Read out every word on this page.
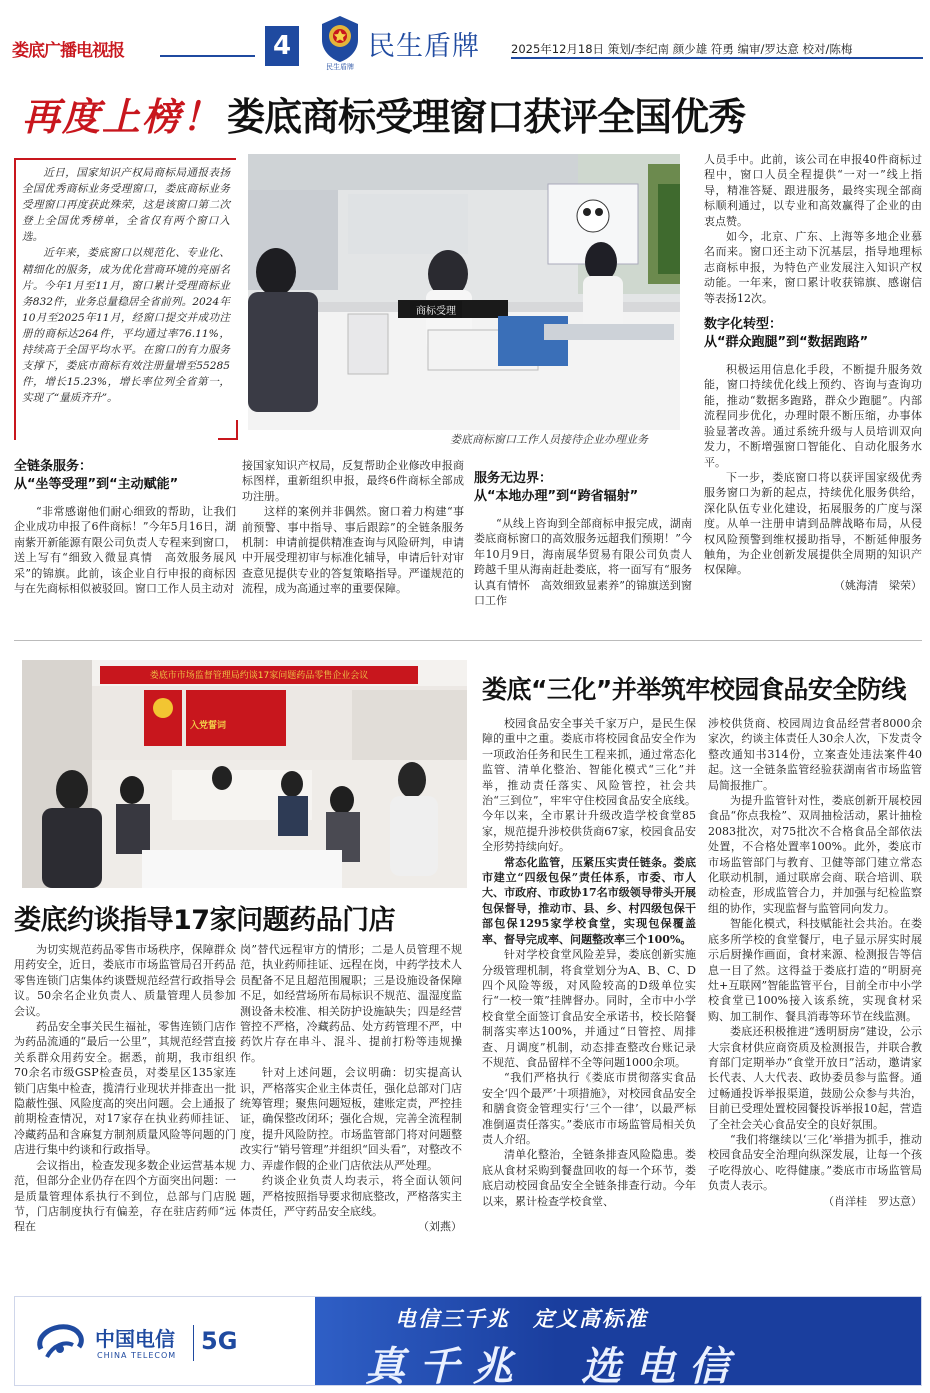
娄底广播电视报	4
民生盾牌
民生盾牌	2025年12月18日 策划/李纪南 颜少雄 符勇 编审/罗达意 校对/陈梅
再度上榜！ 娄底商标受理窗口获评全国优秀

近日，国家知识产权局商标局通报表扬全国优秀商标业务受理窗口，娄底商标业务受理窗口再度获此殊荣，这是该窗口第二次登上全国优秀榜单，全省仅有两个窗口入选。

近年来，娄底窗口以规范化、专业化、精细化的服务，成为优化营商环境的亮丽名片。今年1月至11月，窗口累计受理商标业务832件，业务总量稳居全省前列。2024年10月至2025年11月，经窗口提交并成功注册的商标达264件，平均通过率76.11%，持续高于全国平均水平。在窗口的有力服务支撑下，娄底市商标有效注册量增至55285件，增长15.23%，增长率位列全省第一，实现了“量质齐升”。

商标受理
娄底商标窗口工作人员接待企业办理业务
全链条服务：
从“坐等受理”到“主动赋能”

“非常感谢他们耐心细致的帮助，让我们企业成功申报了6件商标！”今年5月16日，湖南紫开新能源有限公司负责人专程来到窗口，送上写有“细致入微显真情　高效服务展风采”的锦旗。此前，该企业自行申报的商标因与在先商标相似被驳回。窗口工作人员主动对

接国家知识产权局，反复帮助企业修改申报商标图样，重新组织申报，最终6件商标全部成功注册。

这样的案例并非偶然。窗口着力构建“事前预警、事中指导、事后跟踪”的全链条服务机制：申请前提供精准查询与风险研判，申请中开展受理初审与标准化辅导，申请后针对审查意见提供专业的答复策略指导。严谨规范的流程，成为高通过率的重要保障。

服务无边界：
从“本地办理”到“跨省辐射”

“从线上咨询到全部商标申报完成，湖南娄底商标窗口的高效服务远超我们预期！”今年10月9日，海南展华贸易有限公司负责人跨越千里从海南赶赴娄底，将一面写有“服务认真有情怀　高效细致显素养”的锦旗送到窗口工作

人员手中。此前，该公司在申报40件商标过程中，窗口人员全程提供“一对一”线上指导，精准答疑、跟进服务，最终实现全部商标顺利通过，以专业和高效赢得了企业的由衷点赞。

如今，北京、广东、上海等多地企业慕名而来。窗口还主动下沉基层，指导地理标志商标申报，为特色产业发展注入知识产权动能。一年来，窗口累计收获锦旗、感谢信等表扬12次。

数字化转型：
从“群众跑腿”到“数据跑路”

积极运用信息化手段，不断提升服务效能，窗口持续优化线上预约、咨询与查询功能，推动“数据多跑路，群众少跑腿”。内部流程同步优化，办理时限不断压缩，办事体验显著改善。通过系统升级与人员培训双向发力，不断增强窗口智能化、自动化服务水平。

下一步，娄底窗口将以获评国家级优秀服务窗口为新的起点，持续优化服务供给，深化队伍专业化建设，拓展服务的广度与深度。从单一注册申请到品牌战略布局，从侵权风险预警到维权援助指导，不断延伸服务触角，为企业创新发展提供全周期的知识产权保障。

（姚海清　梁荣）

娄底市市场监督管理局约谈17家问题药品零售企业会议
入党誓词
娄底约谈指导17家问题药品门店

为切实规范药品零售市场秩序，保障群众用药安全，近日，娄底市市场监管局召开药品零售连锁门店集体约谈暨规范经营行政指导会议。50余名企业负责人、质量管理人员参加会议。

药品安全事关民生福祉，零售连锁门店作为药品流通的“最后一公里”，其规范经营直接关系群众用药安全。据悉，前期，我市组织70余名市级GSP检查员，对娄星区135家连锁门店集中检查，揽清行业现状并排查出一批隐蔽性强、风险度高的突出问题。会上通报了前期检查情况，对17家存在执业药师挂证、冷藏药品和含麻复方制剂质量风险等问题的门店进行集中约谈和行政指导。

会议指出，检查发现多数企业运营基本规范，但部分企业仍存在四个方面突出问题：一是质量管理体系执行不到位，总部与门店脱节，门店制度执行有偏差，存在驻店药师“远程在

岗”替代远程审方的情形；二是人员管理不规范，执业药师挂证、远程在岗，中药学技术人员配备不足且超范围履职；三是设施设备保障不足，如经营场所布局标识不规范、温湿度监测设备未校准、相关防护设施缺失；四是经营管控不严格，冷藏药品、处方药管理不严，中药饮片存在串斗、混斗、提前打粉等违规操作。

针对上述问题，会议明确：切实提高认识，严格落实企业主体责任，强化总部对门店统筹管理；聚焦问题短板，建账定责，严控挂证，确保整改闭环；强化合规，完善全流程制度，提升风险防控。市场监管部门将对问题整改实行“销号管理”并组织“回头看”，对整改不力、弄虚作假的企业门店依法从严处理。

约谈企业负责人均表示，将全面认领问题，严格按照指导要求彻底整改，严格落实主体责任，严守药品安全底线。

（刘燕）

娄底“三化”并举筑牢校园食品安全防线

校园食品安全事关千家万户，是民生保障的重中之重。娄底市将校园食品安全作为一项政治任务和民生工程来抓，通过常态化监管、清单化整治、智能化模式“三化”并举，推动责任落实、风险管控，社会共治“三到位”，牢牢守住校园食品安全底线。今年以来，全市累计升级改造学校食堂85家，规范提升涉校供货商67家，校园食品安全形势持续向好。

常态化监管，压紧压实责任链条。娄底市建立“四级包保”责任体系，市委、市人大、市政府、市政协17名市级领导带头开展包保督导，推动市、县、乡、村四级包保干部包保1295家学校食堂，实现包保覆盖率、督导完成率、问题整改率三个100%。

针对学校食堂风险差异，娄底创新实施分级管理机制，将食堂划分为A、B、C、D四个风险等级，对风险较高的D级单位实行“一校一策”挂牌督办。同时，全市中小学校食堂全面签订食品安全承诺书，校长陪餐制落实率达100%，并通过“日管控、周排查、月调度”机制，动态排查整改台账记录不规范、食品留样不全等问题1000余项。

“我们严格执行《娄底市贯彻落实食品安全‘四个最严’十项措施》，对校园食品安全和膳食资金管理实行‘三个一律’，以最严标准倒逼责任落实。”娄底市市场监管局相关负责人介绍。

清单化整治，全链条排查风险隐患。娄底从食材采购到餐盘回收的每一个环节，娄底启动校园食品安全全链条排查行动。今年以来，累计检查学校食堂、

涉校供货商、校园周边食品经营者8000余家次，约谈主体责任人30余人次，下发责令整改通知书314份，立案查处违法案件40起。这一全链条监管经验获湖南省市场监管局简报推广。

为提升监管针对性，娄底创新开展校园食品“你点我检”、双周抽检活动，累计抽检2083批次，对75批次不合格食品全部依法处置，不合格处置率100%。此外，娄底市市场监管部门与教育、卫健等部门建立常态化联动机制，通过联席会商、联合培训、联动检查，形成监管合力，并加强与纪检监察组的协作，实现监督与监管同向发力。

智能化模式，科技赋能社会共治。在娄底多所学校的食堂餐厅，电子显示屏实时展示后厨操作画面，食材来源、检测报告等信息一目了然。这得益于娄底打造的“明厨亮灶+互联网”智能监管平台，目前全市中小学校食堂已100%接入该系统，实现食材采购、加工制作、餐具消毒等环节在线监测。

娄底还积极推进“透明厨房”建设，公示大宗食材供应商资质及检测报告，并联合教育部门定期举办“食堂开放日”活动，邀请家长代表、人大代表、政协委员参与监督。通过畅通投诉举报渠道，鼓励公众参与共治，目前已受理处置校园餐投诉举报10起，营造了全社会关心食品安全的良好氛围。

“我们将继续以‘三化’举措为抓手，推动校园食品安全治理向纵深发展，让每一个孩子吃得放心、吃得健康。”娄底市市场监管局负责人表示。

（肖洋桂　罗达意）

中国电信
CHINA TELECOM
5G
电信三千兆　定义高标准
真千兆　选电信
